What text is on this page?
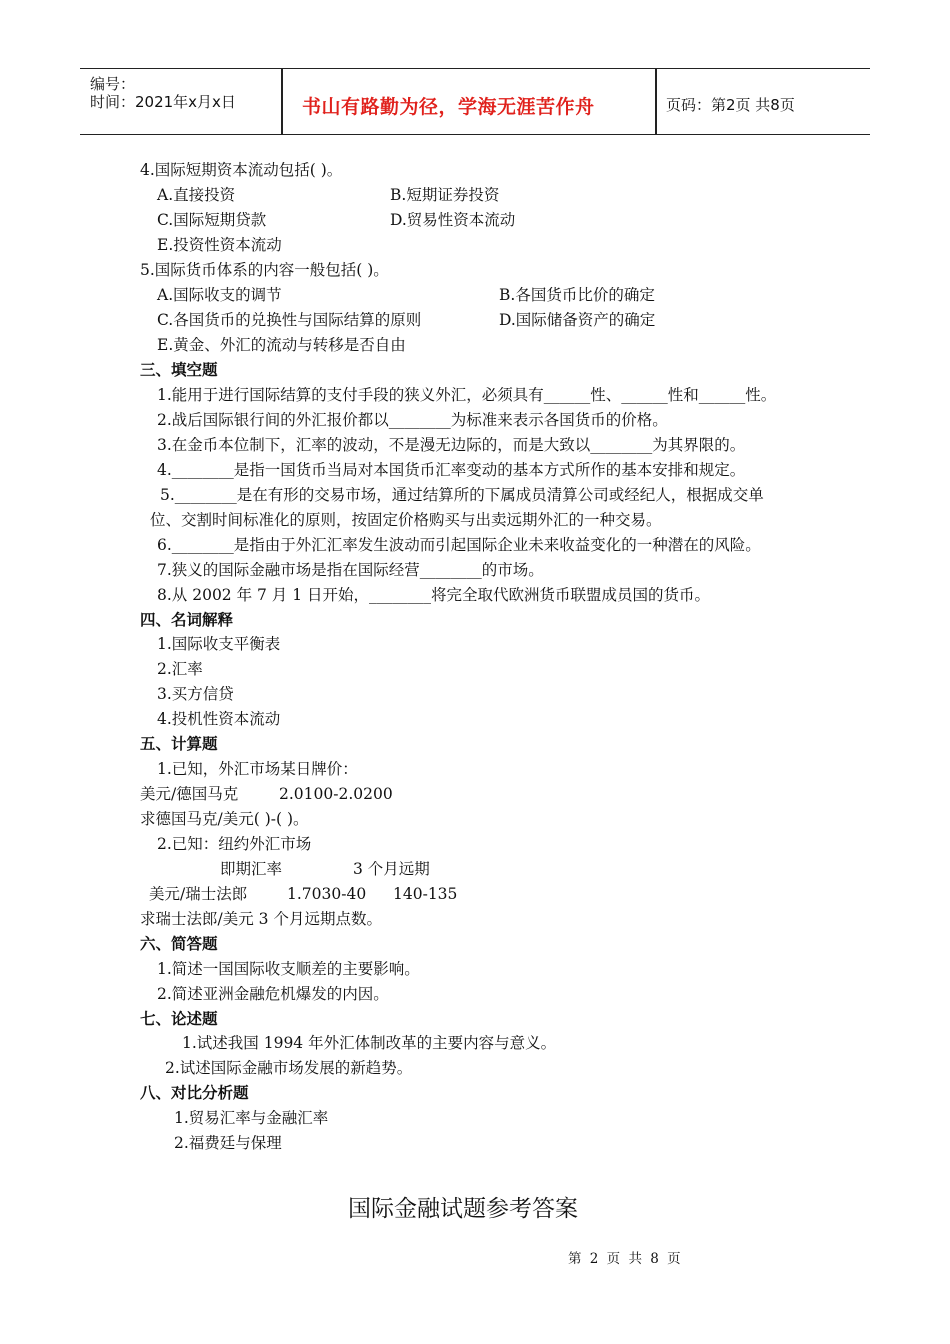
编号：
时间：2021年x月x日	书山有路勤为径，学海无涯苦作舟	页码：第2页 共8页
4.国际短期资本流动包括( )。
A.直接投资	B.短期证券投资
C.国际短期贷款	D.贸易性资本流动
E.投资性资本流动
5.国际货币体系的内容一般包括( )。
A.国际收支的调节	B.各国货币比价的确定
C.各国货币的兑换性与国际结算的原则	D.国际储备资产的确定
E.黄金、外汇的流动与转移是否自由
三、填空题
1.能用于进行国际结算的支付手段的狭义外汇，必须具有______性、______性和______性。
2.战后国际银行间的外汇报价都以________为标准来表示各国货币的价格。
3.在金币本位制下，汇率的波动，不是漫无边际的，而是大致以________为其界限的。
4.________是指一国货币当局对本国货币汇率变动的基本方式所作的基本安排和规定。
5.________是在有形的交易市场，通过结算所的下属成员清算公司或经纪人，根据成交单
位、交割时间标准化的原则，按固定价格购买与出卖远期外汇的一种交易。
6.________是指由于外汇汇率发生波动而引起国际企业未来收益变化的一种潜在的风险。
7.狭义的国际金融市场是指在国际经营________的市场。
8.从 2002 年 7 月 1 日开始，________将完全取代欧洲货币联盟成员国的货币。
四、名词解释
1.国际收支平衡表
2.汇率
3.买方信贷
4.投机性资本流动
五、计算题
1.已知，外汇市场某日牌价：
美元/德国马克	2.0100-2.0200
求德国马克/美元( )-( )。
2.已知：纽约外汇市场
即期汇率	3 个月远期
美元/瑞士法郎	1.7030-40 140-135
求瑞士法郎/美元 3 个月远期点数。
六、简答题
1.简述一国国际收支顺差的主要影响。
2.简述亚洲金融危机爆发的内因。
七、论述题
1.试述我国 1994 年外汇体制改革的主要内容与意义。
2.试述国际金融市场发展的新趋势。
八、对比分析题
1.贸易汇率与金融汇率
2.福费廷与保理
国际金融试题参考答案
第 2 页 共 8 页
